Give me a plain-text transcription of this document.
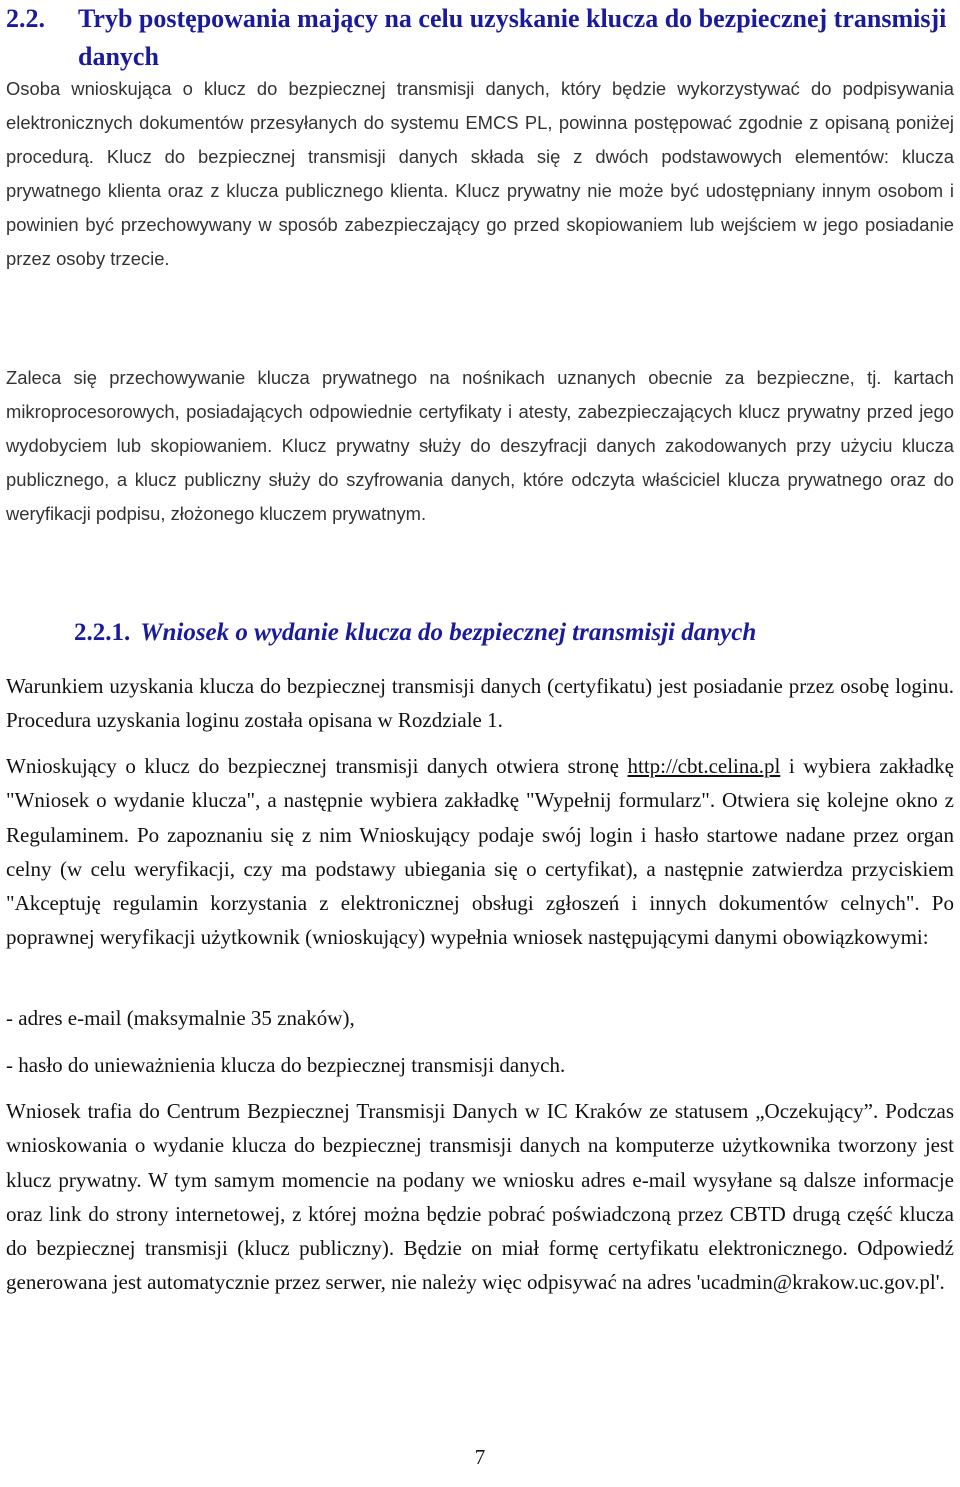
2.2. Tryb postępowania mający na celu uzyskanie klucza do bezpiecznej transmisji danych

Osoba wnioskująca o klucz do bezpiecznej transmisji danych, który będzie wykorzystywać do podpisywania elektronicznych dokumentów przesyłanych do systemu EMCS PL, powinna postępować zgodnie z opisaną poniżej procedurą. Klucz do bezpiecznej transmisji danych składa się z dwóch podstawowych elementów: klucza prywatnego klienta oraz z klucza publicznego klienta. Klucz prywatny nie może być udostępniany innym osobom i powinien być przechowywany w sposób zabezpieczający go przed skopiowaniem lub wejściem w jego posiadanie przez osoby trzecie.

Zaleca się przechowywanie klucza prywatnego na nośnikach uznanych obecnie za bezpieczne, tj. kartach mikroprocesorowych, posiadających odpowiednie certyfikaty i atesty, zabezpieczających klucz prywatny przed jego wydobyciem lub skopiowaniem. Klucz prywatny służy do deszyfracji danych zakodowanych przy użyciu klucza publicznego, a klucz publiczny służy do szyfrowania danych, które odczyta właściciel klucza prywatnego oraz do weryfikacji podpisu, złożonego kluczem prywatnym.

2.2.1. Wniosek o wydanie klucza do bezpiecznej transmisji danych

Warunkiem uzyskania klucza do bezpiecznej transmisji danych (certyfikatu) jest posiadanie przez osobę loginu. Procedura uzyskania loginu została opisana w Rozdziale 1.

Wnioskujący o klucz do bezpiecznej transmisji danych otwiera stronę http://cbt.celina.pl i wybiera zakładkę "Wniosek o wydanie klucza", a następnie wybiera zakładkę "Wypełnij formularz". Otwiera się kolejne okno z Regulaminem. Po zapoznaniu się z nim Wnioskujący podaje swój login i hasło startowe nadane przez organ celny (w celu weryfikacji, czy ma podstawy ubiegania się o certyfikat), a następnie zatwierdza przyciskiem "Akceptuję regulamin korzystania z elektronicznej obsługi zgłoszeń i innych dokumentów celnych". Po poprawnej weryfikacji użytkownik (wnioskujący) wypełnia wniosek następującymi danymi obowiązkowymi:

- adres e-mail (maksymalnie 35 znaków),

- hasło do unieważnienia klucza do bezpiecznej transmisji danych.

Wniosek trafia do Centrum Bezpiecznej Transmisji Danych w IC Kraków ze statusem „Oczekujący”. Podczas wnioskowania o wydanie klucza do bezpiecznej transmisji danych na komputerze użytkownika tworzony jest klucz prywatny. W tym samym momencie na podany we wniosku adres e-mail wysyłane są dalsze informacje oraz link do strony internetowej, z której można będzie pobrać poświadczoną przez CBTD drugą część klucza do bezpiecznej transmisji (klucz publiczny). Będzie on miał formę certyfikatu elektronicznego. Odpowiedź generowana jest automatycznie przez serwer, nie należy więc odpisywać na adres 'ucadmin@krakow.uc.gov.pl'.

7
